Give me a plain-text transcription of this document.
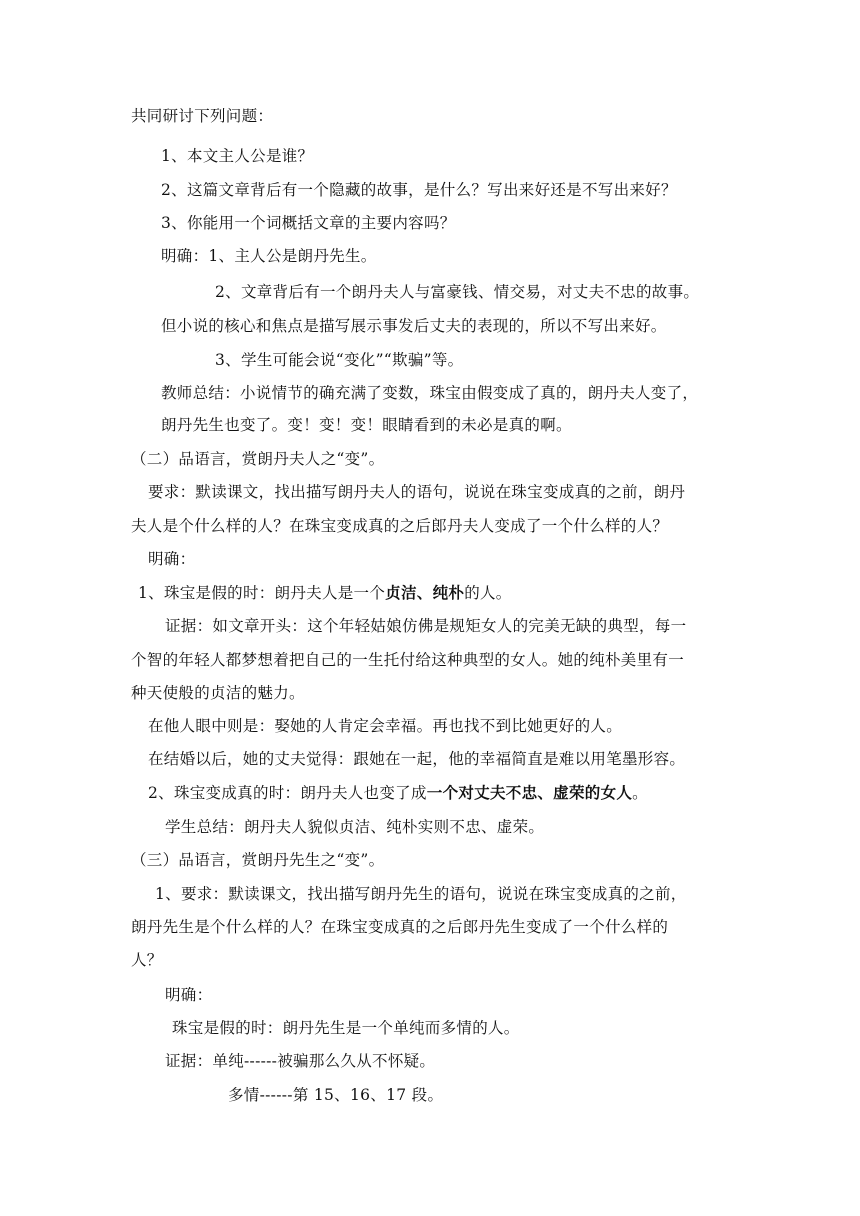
共同研讨下列问题：
1、本文主人公是谁？
2、这篇文章背后有一个隐藏的故事，是什么？写出来好还是不写出来好？
3、你能用一个词概括文章的主要内容吗？
明确：1、主人公是朗丹先生。
2、文章背后有一个朗丹夫人与富豪钱、情交易，对丈夫不忠的故事。
但小说的核心和焦点是描写展示事发后丈夫的表现的，所以不写出来好。
3、学生可能会说“变化”“欺骗”等。
教师总结：小说情节的确充满了变数，珠宝由假变成了真的，朗丹夫人变了，
朗丹先生也变了。变！变！变！眼睛看到的未必是真的啊。
（二）品语言，赏朗丹夫人之“变”。
要求：默读课文，找出描写朗丹夫人的语句，说说在珠宝变成真的之前，朗丹
夫人是个什么样的人？在珠宝变成真的之后郎丹夫人变成了一个什么样的人？
明确：
1、珠宝是假的时：朗丹夫人是一个贞洁、纯朴的人。
证据：如文章开头：这个年轻姑娘仿佛是规矩女人的完美无缺的典型，每一
个智的年轻人都梦想着把自己的一生托付给这种典型的女人。她的纯朴美里有一
种天使般的贞洁的魅力。
在他人眼中则是：娶她的人肯定会幸福。再也找不到比她更好的人。
在结婚以后，她的丈夫觉得：跟她在一起，他的幸福简直是难以用笔墨形容。
2、珠宝变成真的时：朗丹夫人也变了成一个对丈夫不忠、虚荣的女人。
学生总结：朗丹夫人貌似贞洁、纯朴实则不忠、虚荣。
（三）品语言，赏朗丹先生之“变”。
1、要求：默读课文，找出描写朗丹先生的语句，说说在珠宝变成真的之前，
朗丹先生是个什么样的人？在珠宝变成真的之后郎丹先生变成了一个什么样的
人？
明确：
珠宝是假的时：朗丹先生是一个单纯而多情的人。
证据：单纯------被骗那么久从不怀疑。
多情------第 15、16、17 段。
